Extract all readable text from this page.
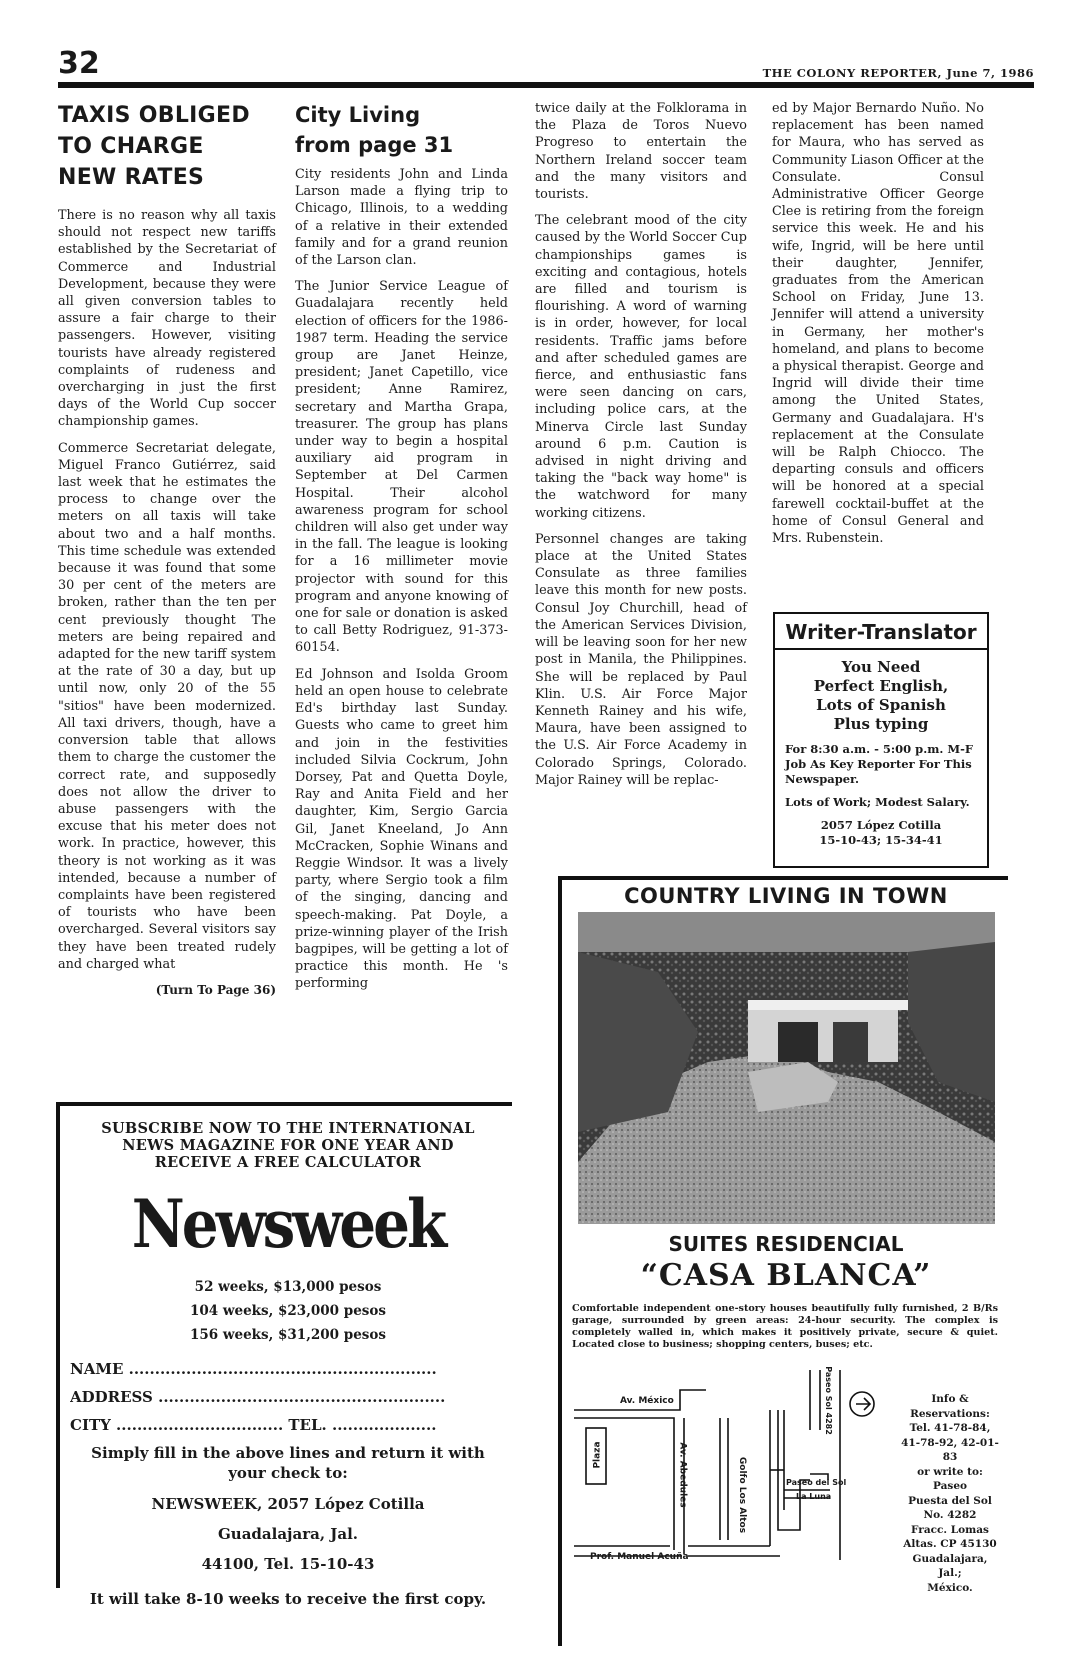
32	THE COLONY REPORTER, June 7, 1986
TAXIS OBLIGED
TO CHARGE
NEW RATES

There is no reason why all taxis should not respect new tariffs established by the Secretariat of Commerce and Industrial Development, because they were all given conversion tables to assure a fair charge to their passengers. However, visiting tourists have already registered complaints of rudeness and overcharging in just the first days of the World Cup soccer championship games.

Commerce Secretariat delegate, Miguel Franco Gutiérrez, said last week that he estimates the process to change over the meters on all taxis will take about two and a half months. This time schedule was extended because it was found that some 30 per cent of the meters are broken, rather than the ten per cent previously thought The meters are being repaired and adapted for the new tariff system at the rate of 30 a day, but up until now, only 20 of the 55 "sitios" have been modernized. All taxi drivers, though, have a conversion table that allows them to charge the customer the correct rate, and supposedly does not allow the driver to abuse passengers with the excuse that his meter does not work. In practice, however, this theory is not working as it was intended, because a number of complaints have been registered of tourists who have been overcharged. Several visitors say they have been treated rudely and charged what

(Turn To Page 36)
City Living
from page 31

City residents John and Linda Larson made a flying trip to Chicago, Illinois, to a wedding of a relative in their extended family and for a grand reunion of the Larson clan.

The Junior Service League of Guadalajara recently held election of officers for the 1986-1987 term. Heading the service group are Janet Heinze, president; Janet Capetillo, vice president; Anne Ramirez, secretary and Martha Grapa, treasurer. The group has plans under way to begin a hospital auxiliary aid program in September at Del Carmen Hospital. Their alcohol awareness program for school children will also get under way in the fall. The league is looking for a 16 millimeter movie projector with sound for this program and anyone knowing of one for sale or donation is asked to call Betty Rodriguez, 91-373-60154.

Ed Johnson and Isolda Groom held an open house to celebrate Ed's birthday last Sunday. Guests who came to greet him and join in the festivities included Silvia Cockrum, John Dorsey, Pat and Quetta Doyle, Ray and Anita Field and her daughter, Kim, Sergio Garcia Gil, Janet Kneeland, Jo Ann McCracken, Sophie Winans and Reggie Windsor. It was a lively party, where Sergio took a film of the singing, dancing and speech-making. Pat Doyle, a prize-winning player of the Irish bagpipes, will be getting a lot of practice this month. He 's performing

twice daily at the Folklorama in the Plaza de Toros Nuevo Progreso to entertain the Northern Ireland soccer team and the many visitors and tourists.

The celebrant mood of the city caused by the World Soccer Cup championships games is exciting and contagious, hotels are filled and tourism is flourishing. A word of warning is in order, however, for local residents. Traffic jams before and after scheduled games are fierce, and enthusiastic fans were seen dancing on cars, including police cars, at the Minerva Circle last Sunday around 6 p.m. Caution is advised in night driving and taking the "back way home" is the watchword for many working citizens.

Personnel changes are taking place at the United States Consulate as three families leave this month for new posts. Consul Joy Churchill, head of the American Services Division, will be leaving soon for her new post in Manila, the Philippines. She will be replaced by Paul Klin. U.S. Air Force Major Kenneth Rainey and his wife, Maura, have been assigned to the U.S. Air Force Academy in Colorado Springs, Colorado. Major Rainey will be replac-

ed by Major Bernardo Nuño. No replacement has been named for Maura, who has served as Community Liason Officer at the Consulate. Consul Administrative Officer George Clee is retiring from the foreign service this week. He and his wife, Ingrid, will be here until their daughter, Jennifer, graduates from the American School on Friday, June 13. Jennifer will attend a university in Germany, her mother's homeland, and plans to become a physical therapist. George and Ingrid will divide their time among the United States, Germany and Guadalajara. H's replacement at the Consulate will be Ralph Chiocco. The departing consuls and officers will be honored at a special farewell cocktail-buffet at the home of Consul General and Mrs. Rubenstein.

Writer-Translator
You Need
Perfect English,
Lots of Spanish
Plus typing
For 8:30 a.m. - 5:00 p.m. M-F Job As Key Reporter For This Newspaper.
Lots of Work; Modest Salary.
2057 López Cotilla
15-10-43; 15-34-41
SUBSCRIBE NOW TO THE INTERNATIONAL
NEWS MAGAZINE FOR ONE YEAR AND
RECEIVE A FREE CALCULATOR
Newsweek
52 weeks, $13,000 pesos
104 weeks, $23,000 pesos
156 weeks, $31,200 pesos
NAME ...........................................................
ADDRESS .......................................................
CITY ................................ TEL. ....................
Simply fill in the above lines and return it with
your check to:
NEWSWEEK, 2057 López Cotilla
Guadalajara, Jal.
44100, Tel. 15-10-43
It will take 8-10 weeks to receive the first copy.
COUNTRY LIVING IN TOWN
SUITES RESIDENCIAL
“CASA BLANCA”
Comfortable independent one-story houses beautifully fully furnished, 2 B/Rs garage, surrounded by green areas: 24-hour security. The complex is completely walled in, which makes it positively private, secure & quiet. Located close to business; shopping centers, buses; etc.
Av. México
Plaza	Av. Abedules	Golfo Los Altos
Prof. Manuel Acuña
Paseo del Sol
La Luna
Paseo Sol 4282	Info &
Reservations:
Tel. 41-78-84,
41-78-92, 42-01-83
or write to: Paseo
Puesta del Sol
No. 4282
Fracc. Lomas
Altas. CP 45130
Guadalajara, Jal.;
México.
